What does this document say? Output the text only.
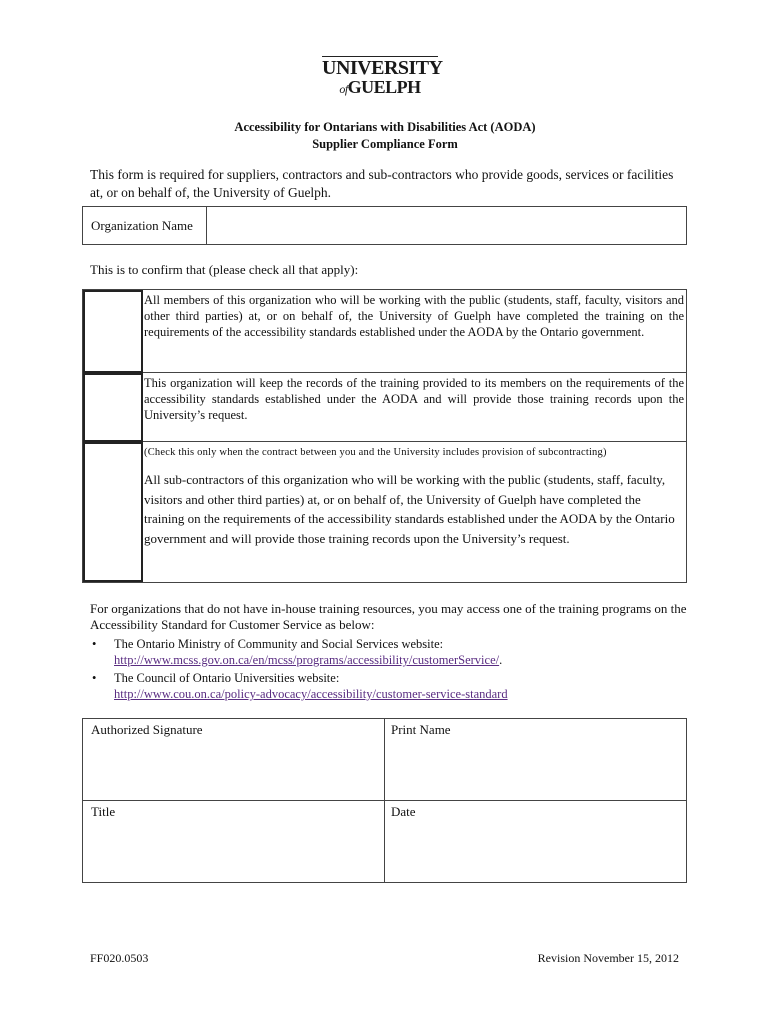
UNIVERSITY
ofGUELPH
Accessibility for Ontarians with Disabilities Act (AODA)
Supplier Compliance Form
This form is required for suppliers, contractors and sub-contractors who provide goods, services or facilities at, or on behalf of, the University of Guelph.
Organization Name
This is to confirm that (please check all that apply):
All members of this organization who will be working with the public (students, staff, faculty, visitors and other third parties) at, or on behalf of, the University of Guelph have completed the training on the requirements of the accessibility standards established under the AODA by the Ontario government.
This organization will keep the records of the training provided to its members on the requirements of the accessibility standards established under the AODA and will provide those training records upon the University’s request.
(Check this only when the contract between you and the University includes provision of subcontracting)
All sub-contractors of this organization who will be working with the public (students, staff, faculty, visitors and other third parties) at, or on behalf of, the University of Guelph have completed the training on the requirements of the accessibility standards established under the AODA by the Ontario government and will provide those training records upon the University’s request.
For organizations that do not have in-house training resources, you may access one of the training programs on the Accessibility Standard for Customer Service as below:
• The Ontario Ministry of Community and Social Services website:
http://www.mcss.gov.on.ca/en/mcss/programs/accessibility/customerService/.
• The Council of Ontario Universities website:
http://www.cou.on.ca/policy-advocacy/accessibility/customer-service-standard
Authorized Signature	Print Name
Title	Date
FF020.0503	Revision November 15, 2012
